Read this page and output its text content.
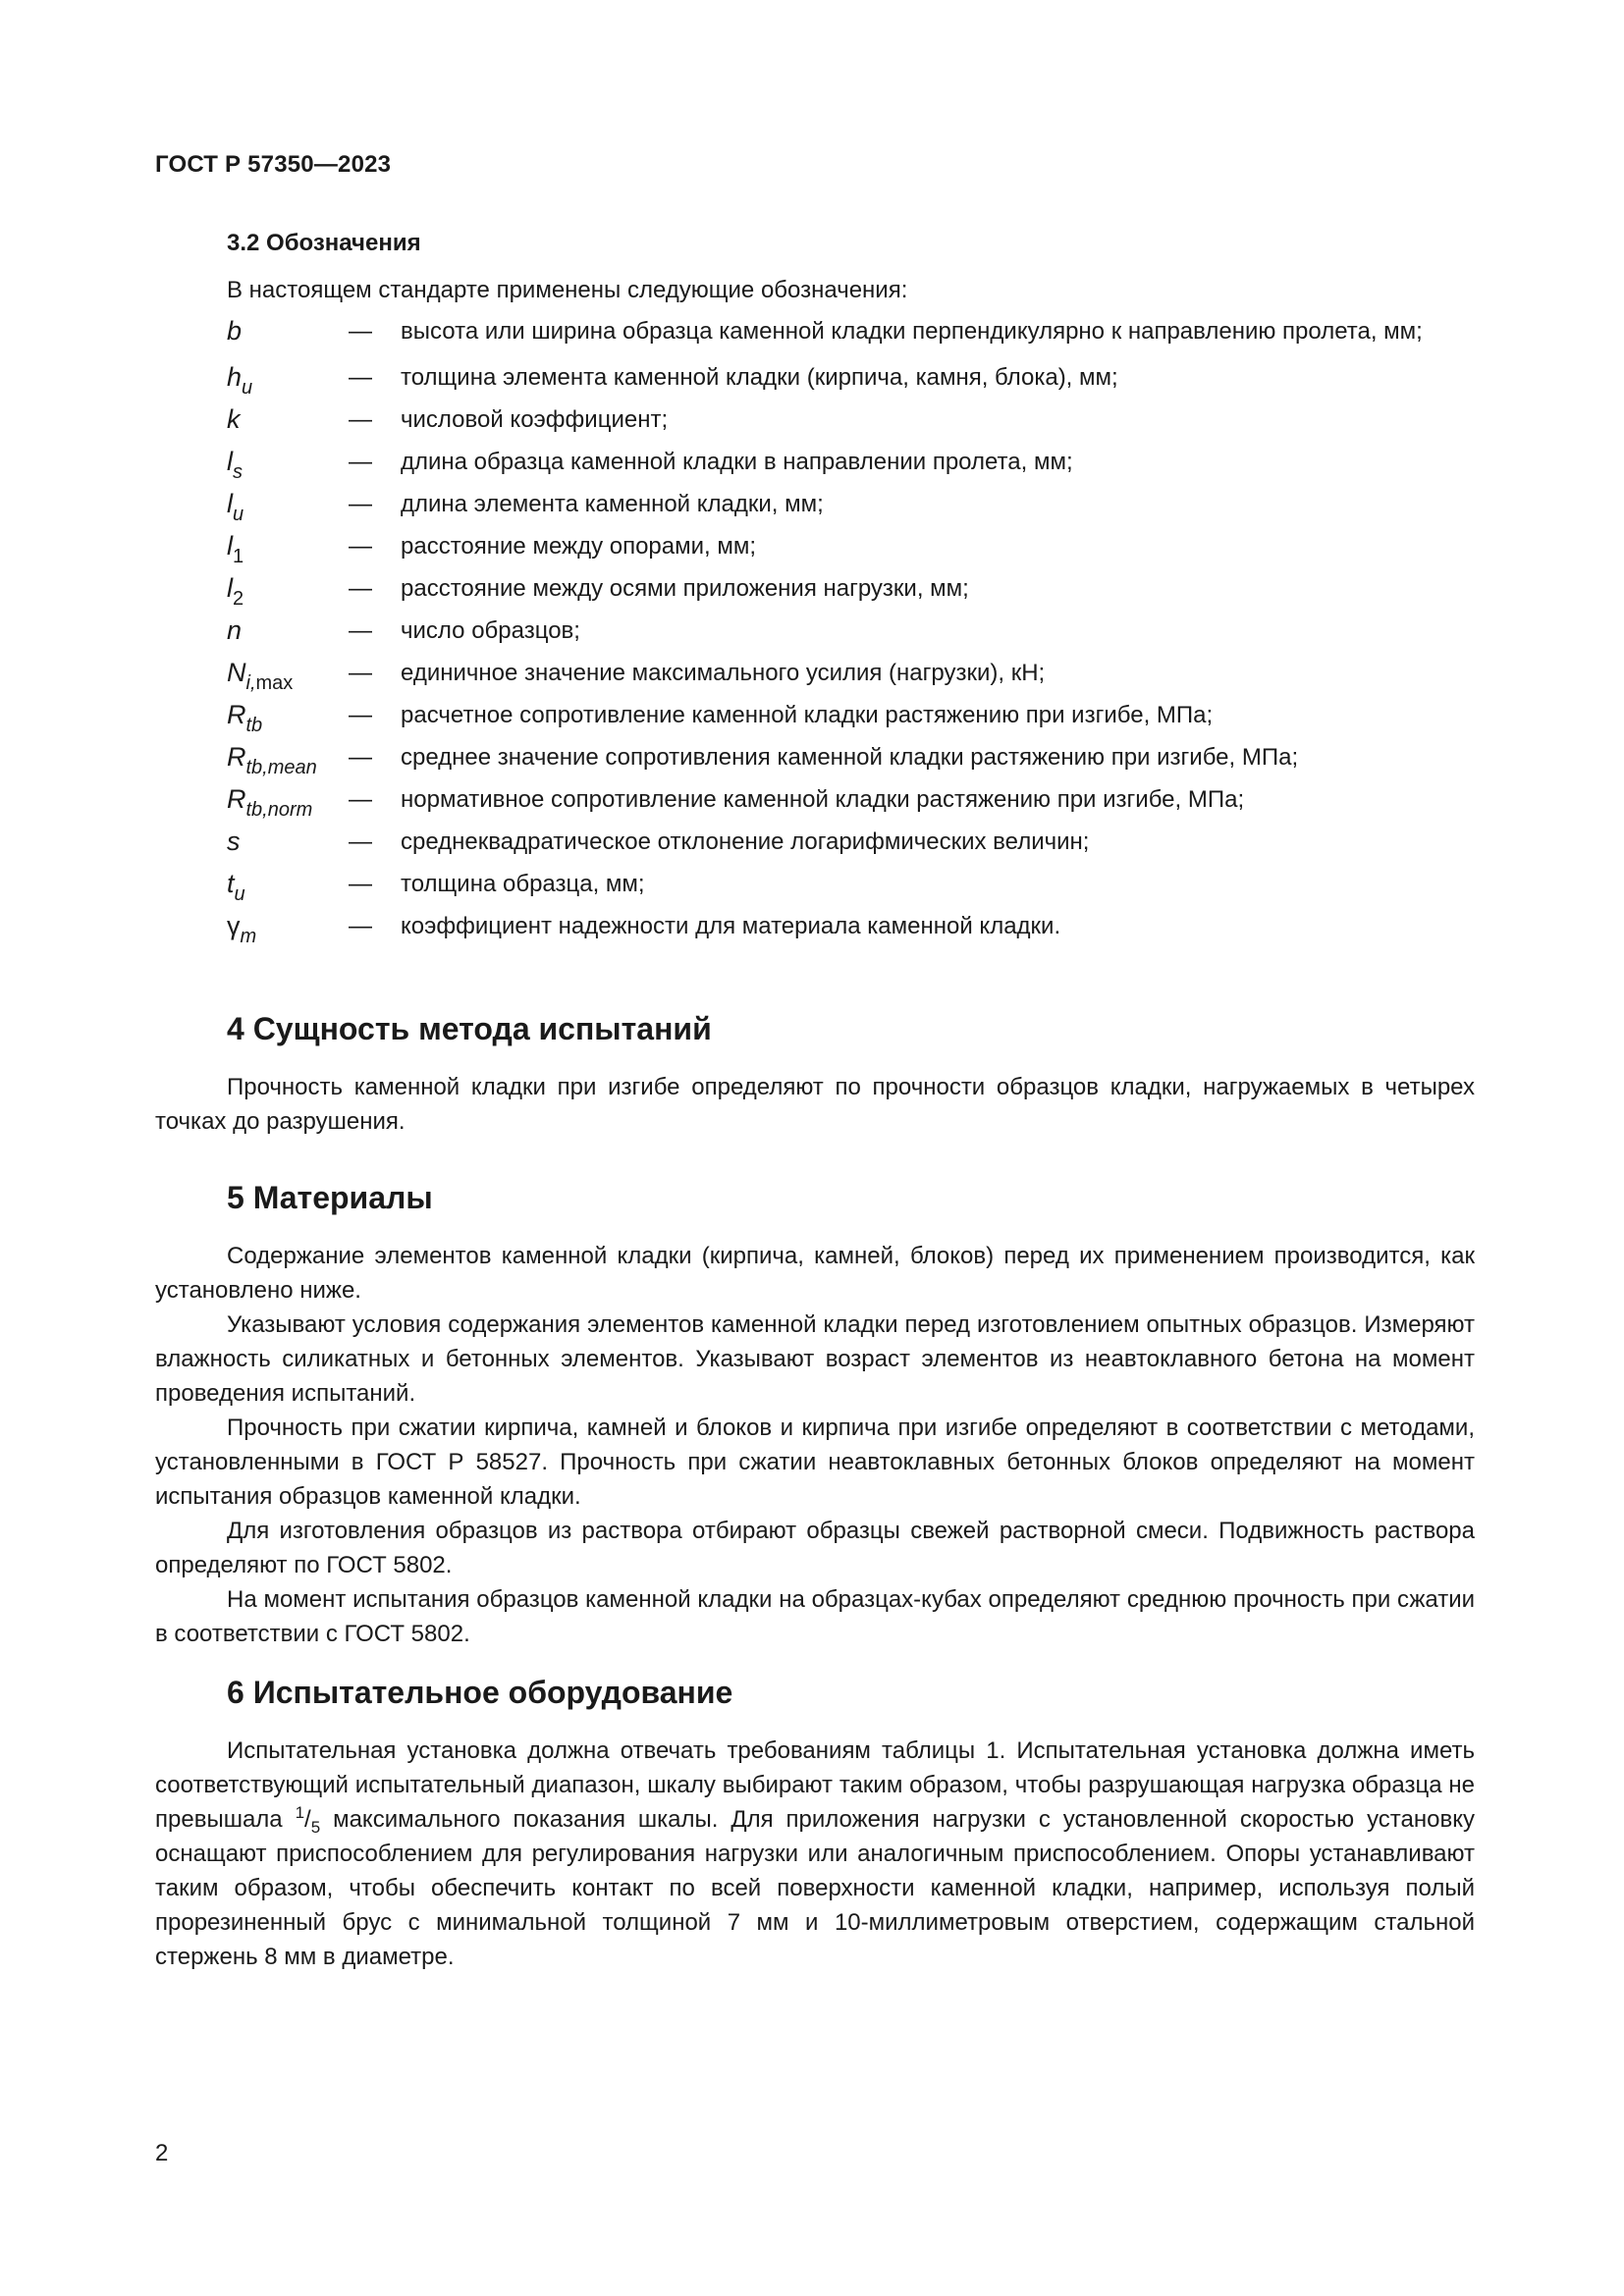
ГОСТ Р 57350—2023
3.2 Обозначения
В настоящем стандарте применены следующие обозначения:
b	—	высота или ширина образца каменной кладки перпендикулярно к направлению пролета, мм;
$h_u$	—	толщина элемента каменной кладки (кирпича, камня, блока), мм;
k	—	числовой коэффициент;
$l_s$	—	длина образца каменной кладки в направлении пролета, мм;
$l_u$	—	длина элемента каменной кладки, мм;
$l_1$	—	расстояние между опорами, мм;
$l_2$	—	расстояние между осями приложения нагрузки, мм;
n	—	число образцов;
$N_{i,max}$	—	единичное значение максимального усилия (нагрузки), кН;
$R_{tb}$	—	расчетное сопротивление каменной кладки растяжению при изгибе, МПа;
$R_{tb,mean}$	—	среднее значение сопротивления каменной кладки растяжению при изгибе, МПа;
$R_{tb,norm}$	—	нормативное сопротивление каменной кладки растяжению при изгибе, МПа;
s	—	среднеквадратическое отклонение логарифмических величин;
$t_u$	—	толщина образца, мм;
$\gamma_m$	—	коэффициент надежности для материала каменной кладки.
4 Сущность метода испытаний

Прочность каменной кладки при изгибе определяют по прочности образцов кладки, нагружаемых в четырех точках до разрушения.

5 Материалы

Содержание элементов каменной кладки (кирпича, камней, блоков) перед их применением производится, как установлено ниже.

Указывают условия содержания элементов каменной кладки перед изготовлением опытных образцов. Измеряют влажность силикатных и бетонных элементов. Указывают возраст элементов из неавтоклавного бетона на момент проведения испытаний.

Прочность при сжатии кирпича, камней и блоков и кирпича при изгибе определяют в соответствии с методами, установленными в ГОСТ Р 58527. Прочность при сжатии неавтоклавных бетонных блоков определяют на момент испытания образцов каменной кладки.

Для изготовления образцов из раствора отбирают образцы свежей растворной смеси. Подвижность раствора определяют по ГОСТ 5802.

На момент испытания образцов каменной кладки на образцах-кубах определяют среднюю прочность при сжатии в соответствии с ГОСТ 5802.

6 Испытательное оборудование

Испытательная установка должна отвечать требованиям таблицы 1. Испытательная установка должна иметь соответствующий испытательный диапазон, шкалу выбирают таким образом, чтобы разрушающая нагрузка образца не превышала $^1/_5$ максимального показания шкалы. Для приложения нагрузки с установленной скоростью установку оснащают приспособлением для регулирования нагрузки или аналогичным приспособлением. Опоры устанавливают таким образом, чтобы обеспечить контакт по всей поверхности каменной кладки, например, используя полый прорезиненный брус с минимальной толщиной 7 мм и 10-миллиметровым отверстием, содержащим стальной стержень 8 мм в диаметре.

2
